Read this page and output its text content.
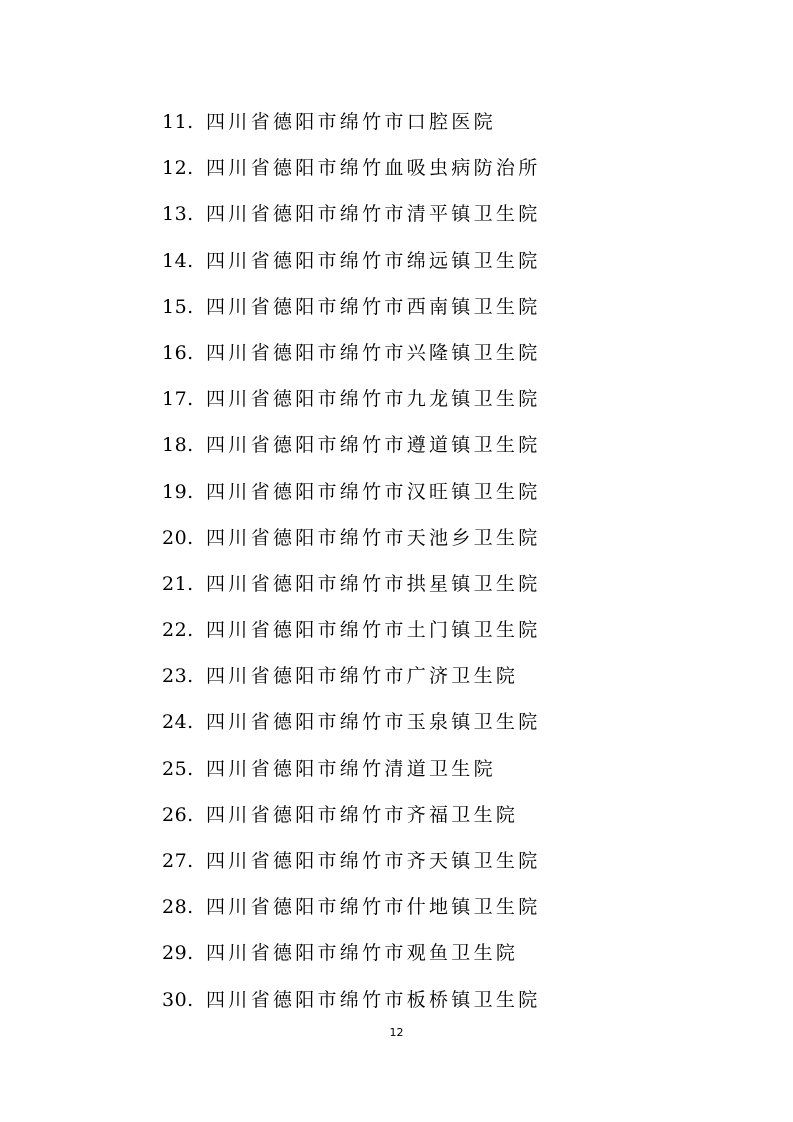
11. 四川省德阳市绵竹市口腔医院
12. 四川省德阳市绵竹血吸虫病防治所
13. 四川省德阳市绵竹市清平镇卫生院
14. 四川省德阳市绵竹市绵远镇卫生院
15. 四川省德阳市绵竹市西南镇卫生院
16. 四川省德阳市绵竹市兴隆镇卫生院
17. 四川省德阳市绵竹市九龙镇卫生院
18. 四川省德阳市绵竹市遵道镇卫生院
19. 四川省德阳市绵竹市汉旺镇卫生院
20. 四川省德阳市绵竹市天池乡卫生院
21. 四川省德阳市绵竹市拱星镇卫生院
22. 四川省德阳市绵竹市土门镇卫生院
23. 四川省德阳市绵竹市广济卫生院
24. 四川省德阳市绵竹市玉泉镇卫生院
25. 四川省德阳市绵竹清道卫生院
26. 四川省德阳市绵竹市齐福卫生院
27. 四川省德阳市绵竹市齐天镇卫生院
28. 四川省德阳市绵竹市什地镇卫生院
29. 四川省德阳市绵竹市观鱼卫生院
30. 四川省德阳市绵竹市板桥镇卫生院
12
